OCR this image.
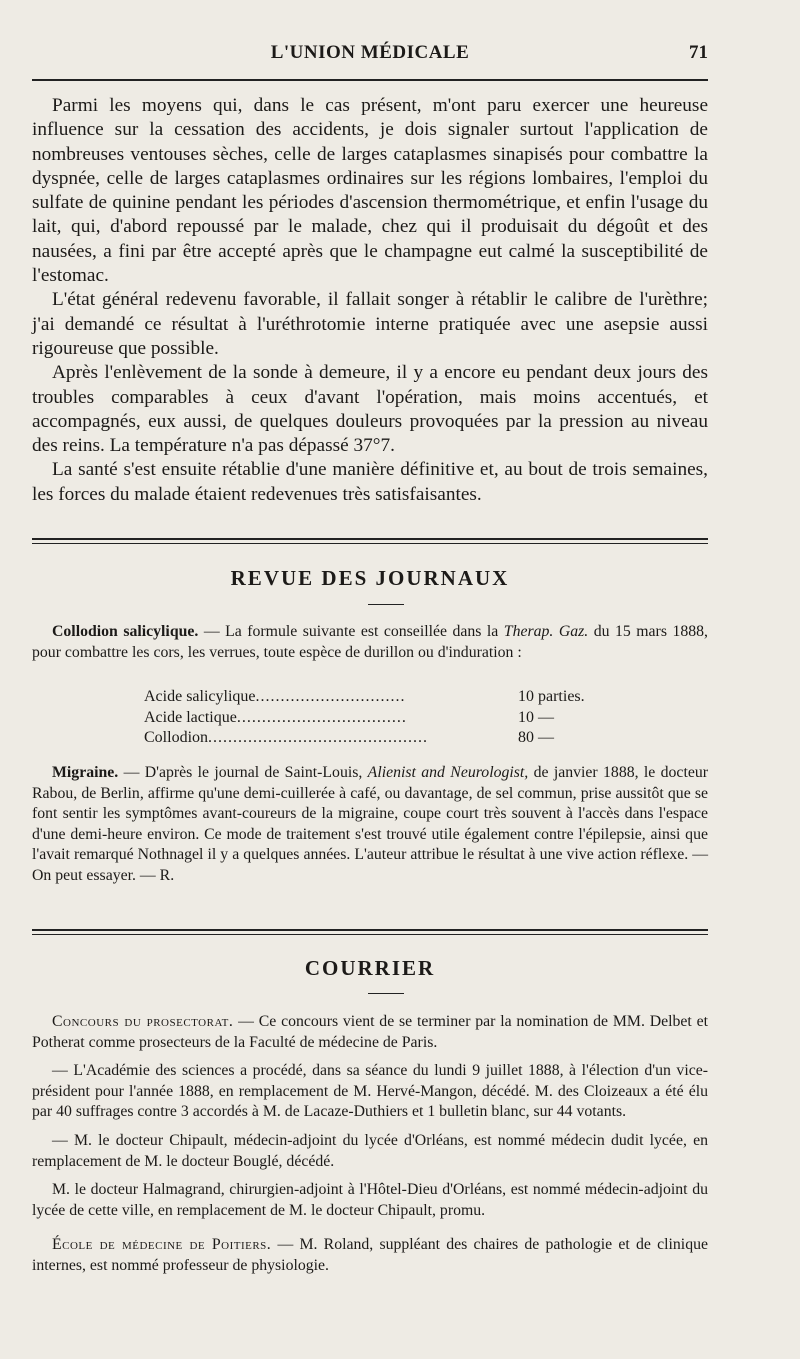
L'UNION MÉDICALE	71

Parmi les moyens qui, dans le cas présent, m'ont paru exercer une heureuse influence sur la cessation des accidents, je dois signaler surtout l'application de nombreuses ventouses sèches, celle de larges cataplasmes sinapisés pour combattre la dyspnée, celle de larges cataplasmes ordinaires sur les régions lombaires, l'emploi du sulfate de quinine pendant les périodes d'ascension thermométrique, et enfin l'usage du lait, qui, d'abord repoussé par le malade, chez qui il produisait du dégoût et des nausées, a fini par être accepté après que le champagne eut calmé la susceptibilité de l'estomac.

L'état général redevenu favorable, il fallait songer à rétablir le calibre de l'urèthre; j'ai demandé ce résultat à l'uréthrotomie interne pratiquée avec une asepsie aussi rigoureuse que possible.

Après l'enlèvement de la sonde à demeure, il y a encore eu pendant deux jours des troubles comparables à ceux d'avant l'opération, mais moins accentués, et accompagnés, eux aussi, de quelques douleurs provoquées par la pression au niveau des reins. La température n'a pas dépassé 37°7.

La santé s'est ensuite rétablie d'une manière définitive et, au bout de trois semaines, les forces du malade étaient redevenues très satisfaisantes.

REVUE DES JOURNAUX

Collodion salicylique. — La formule suivante est conseillée dans la Therap. Gaz. du 15 mars 1888, pour combattre les cors, les verrues, toute espèce de durillon ou d'induration :

Acide salicylique ..............................	10 parties.
Acide lactique ..................................	10 —
Collodion ............................................	80 —

Migraine. — D'après le journal de Saint-Louis, Alienist and Neurologist, de janvier 1888, le docteur Rabou, de Berlin, affirme qu'une demi-cuillerée à café, ou davantage, de sel commun, prise aussitôt que se font sentir les symptômes avant-coureurs de la migraine, coupe court très souvent à l'accès dans l'espace d'une demi-heure environ. Ce mode de traitement s'est trouvé utile également contre l'épilepsie, ainsi que l'avait remarqué Nothnagel il y a quelques années. L'auteur attribue le résultat à une vive action réflexe. — On peut essayer. — R.

COURRIER

Concours du prosectorat. — Ce concours vient de se terminer par la nomination de MM. Delbet et Potherat comme prosecteurs de la Faculté de médecine de Paris.

— L'Académie des sciences a procédé, dans sa séance du lundi 9 juillet 1888, à l'élection d'un vice-président pour l'année 1888, en remplacement de M. Hervé-Mangon, décédé. M. des Cloizeaux a été élu par 40 suffrages contre 3 accordés à M. de Lacaze-Duthiers et 1 bulletin blanc, sur 44 votants.

— M. le docteur Chipault, médecin-adjoint du lycée d'Orléans, est nommé médecin dudit lycée, en remplacement de M. le docteur Bouglé, décédé.

M. le docteur Halmagrand, chirurgien-adjoint à l'Hôtel-Dieu d'Orléans, est nommé médecin-adjoint du lycée de cette ville, en remplacement de M. le docteur Chipault, promu.

École de médecine de Poitiers. — M. Roland, suppléant des chaires de pathologie et de clinique internes, est nommé professeur de physiologie.
